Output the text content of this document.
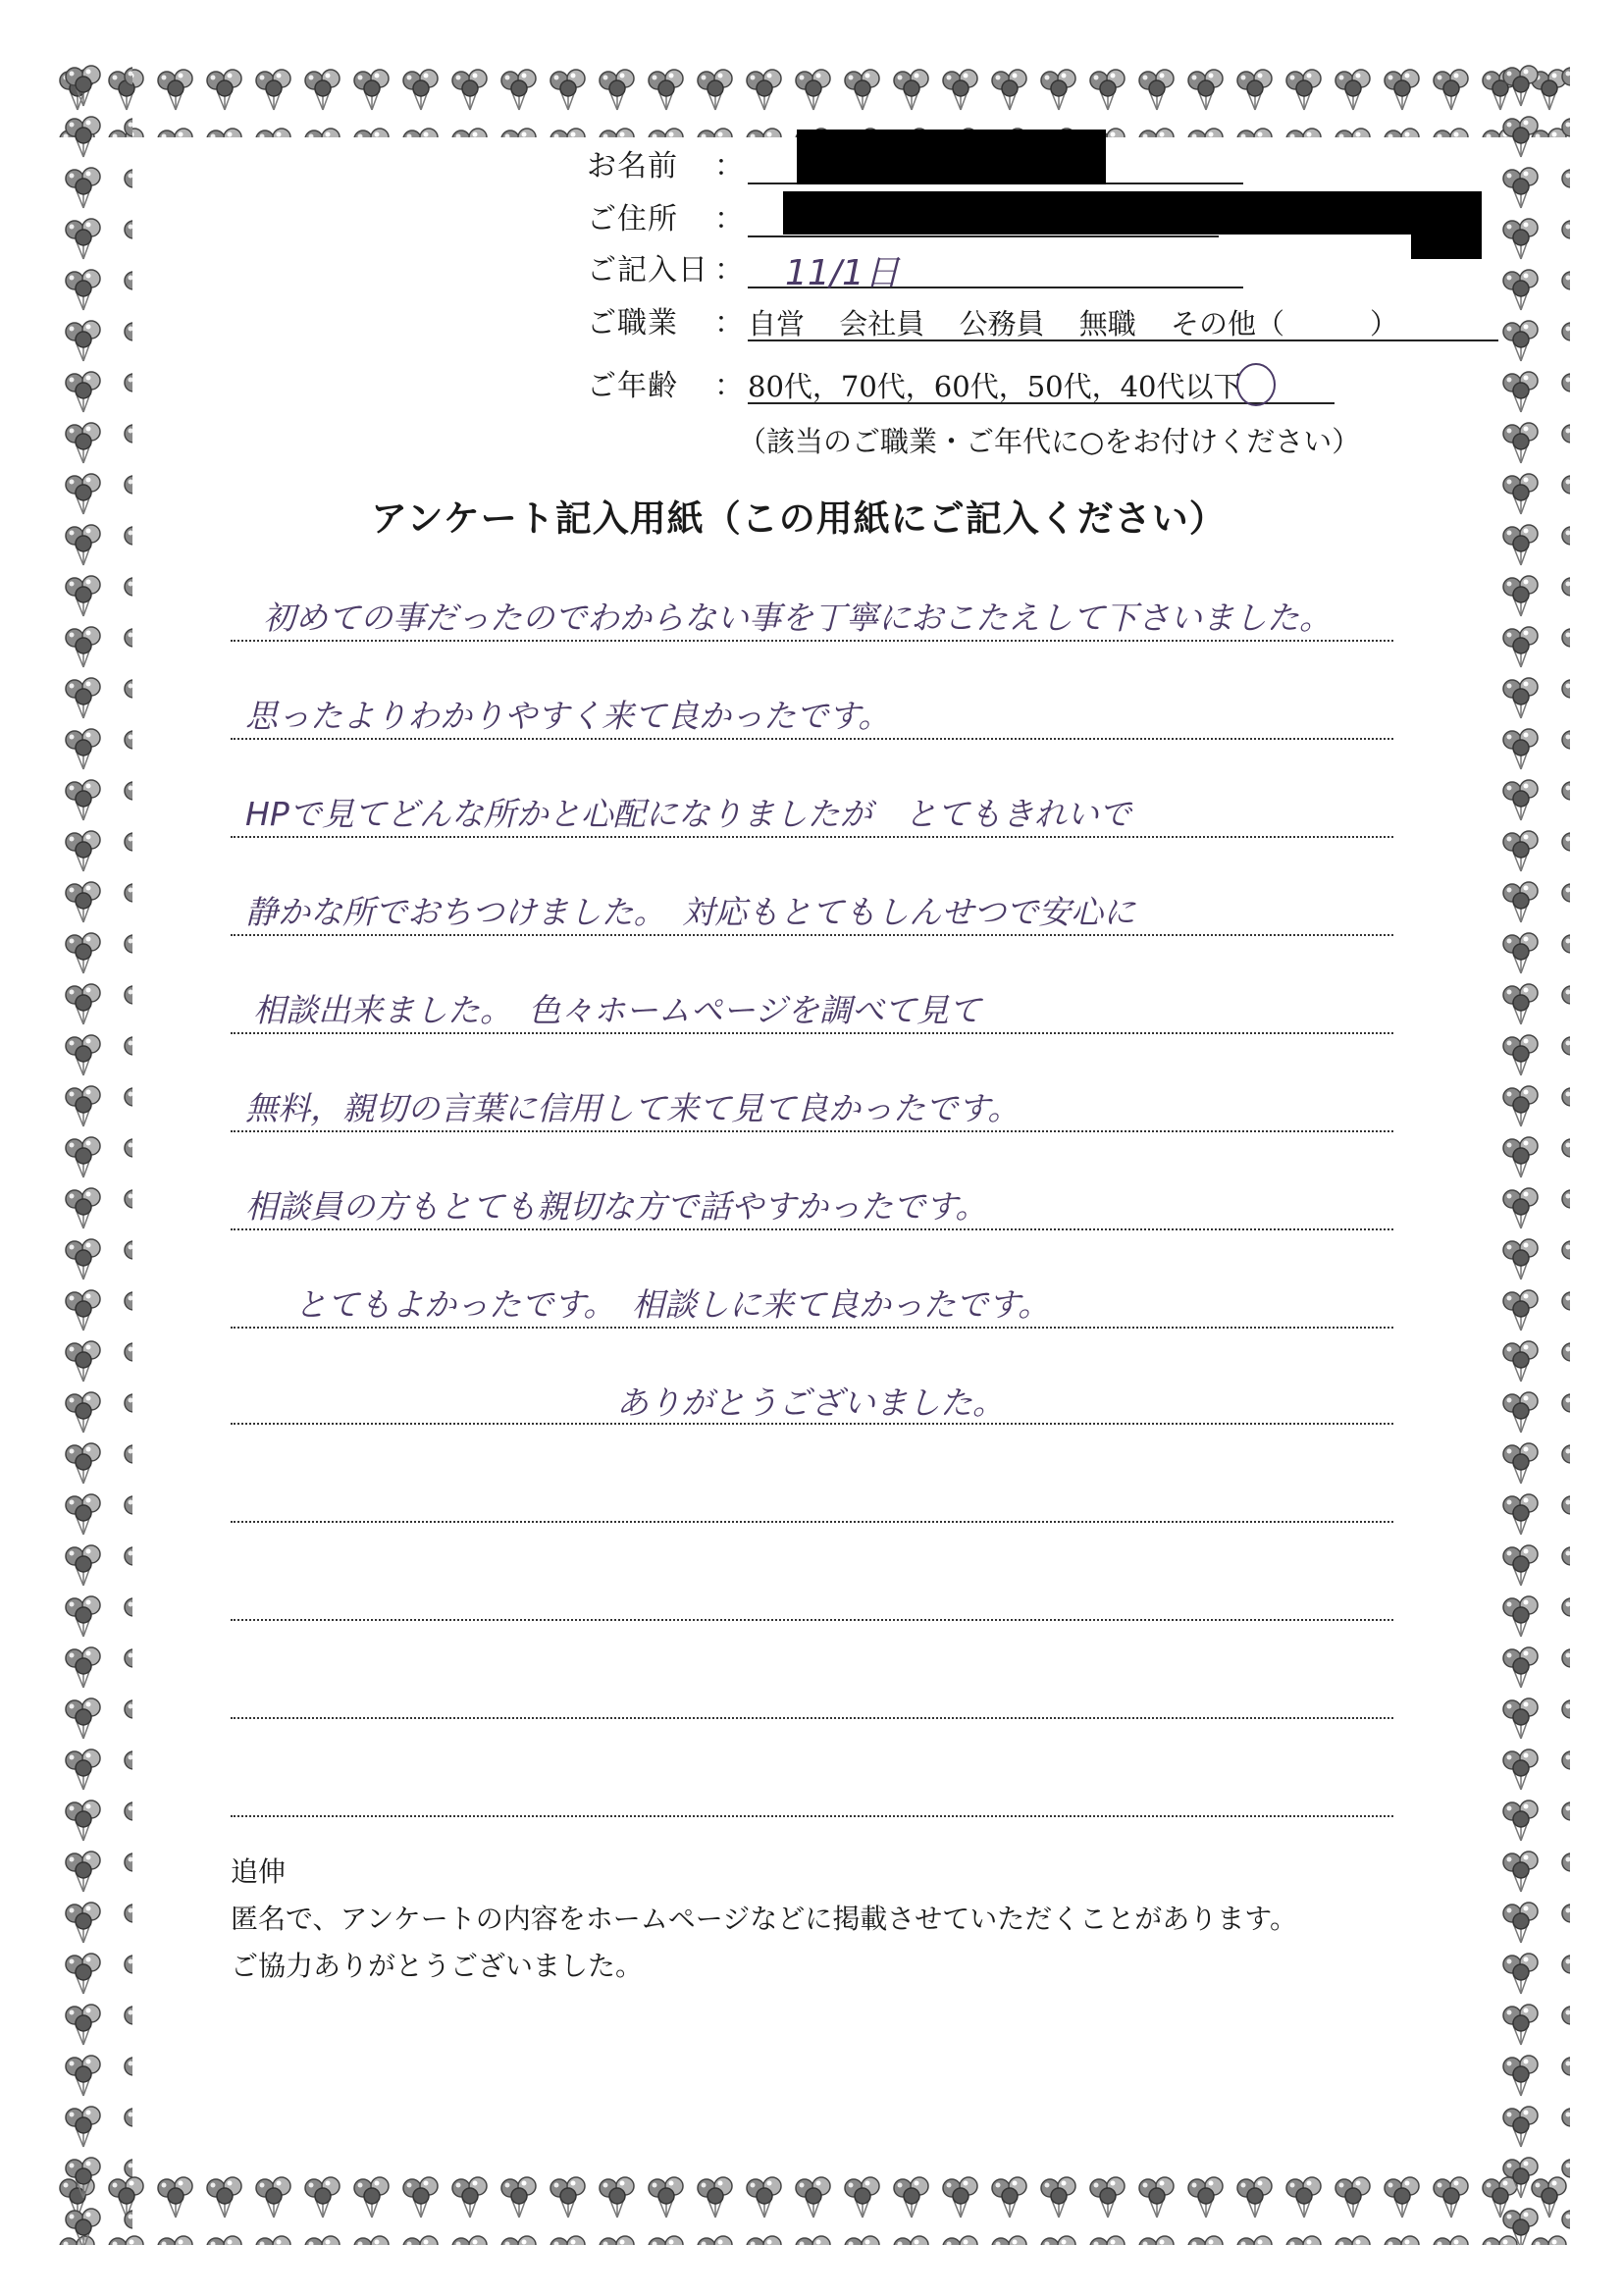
お名前 ：
ご住所 ：
ご記入日 ： 11/1日
ご職業 ： 自営 会社員 公務員 無職 その他（　　　）
ご年齢 ： 80代，70代，60代，50代，40代以下
（該当のご職業・ご年代に○をお付けください）
アンケート記入用紙（この用紙にご記入ください）
初めての事だったのでわからない事を丁寧におこたえして下さいました。
思ったよりわかりやすく来て良かったです。
HPで見てどんな所かと心配になりましたが　とてもきれいで
静かな所でおちつけました。　対応もとてもしんせつで安心に
相談出来ました。　色々ホームページを調べて見て
無料，親切の言葉に信用して来て見て良かったです。
相談員の方もとても親切な方で話やすかったです。
とてもよかったです。　相談しに来て良かったです。
ありがとうございました。
追伸
匿名で、アンケートの内容をホームページなどに掲載させていただくことがあります。
ご協力ありがとうございました。
